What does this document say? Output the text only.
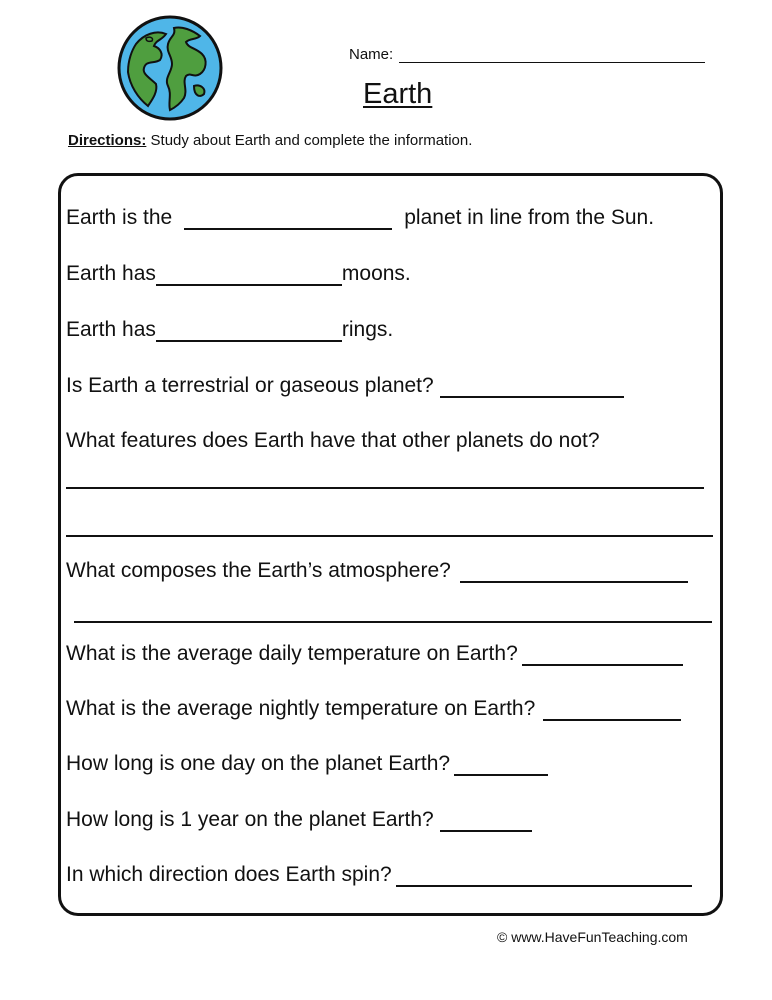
Name:
Earth
Directions: Study about Earth and complete the information.
Earth is the	planet in line from the Sun.
Earth has	moons.
Earth has	rings.
Is Earth a terrestrial or gaseous planet?
What features does Earth have that other planets do not?
What composes the Earth’s atmosphere?
What is the average daily temperature on Earth?
What is the average nightly temperature on Earth?
How long is one day on the planet Earth?
How long is 1 year on the planet Earth?
In which direction does Earth spin?
© www.HaveFunTeaching.com
